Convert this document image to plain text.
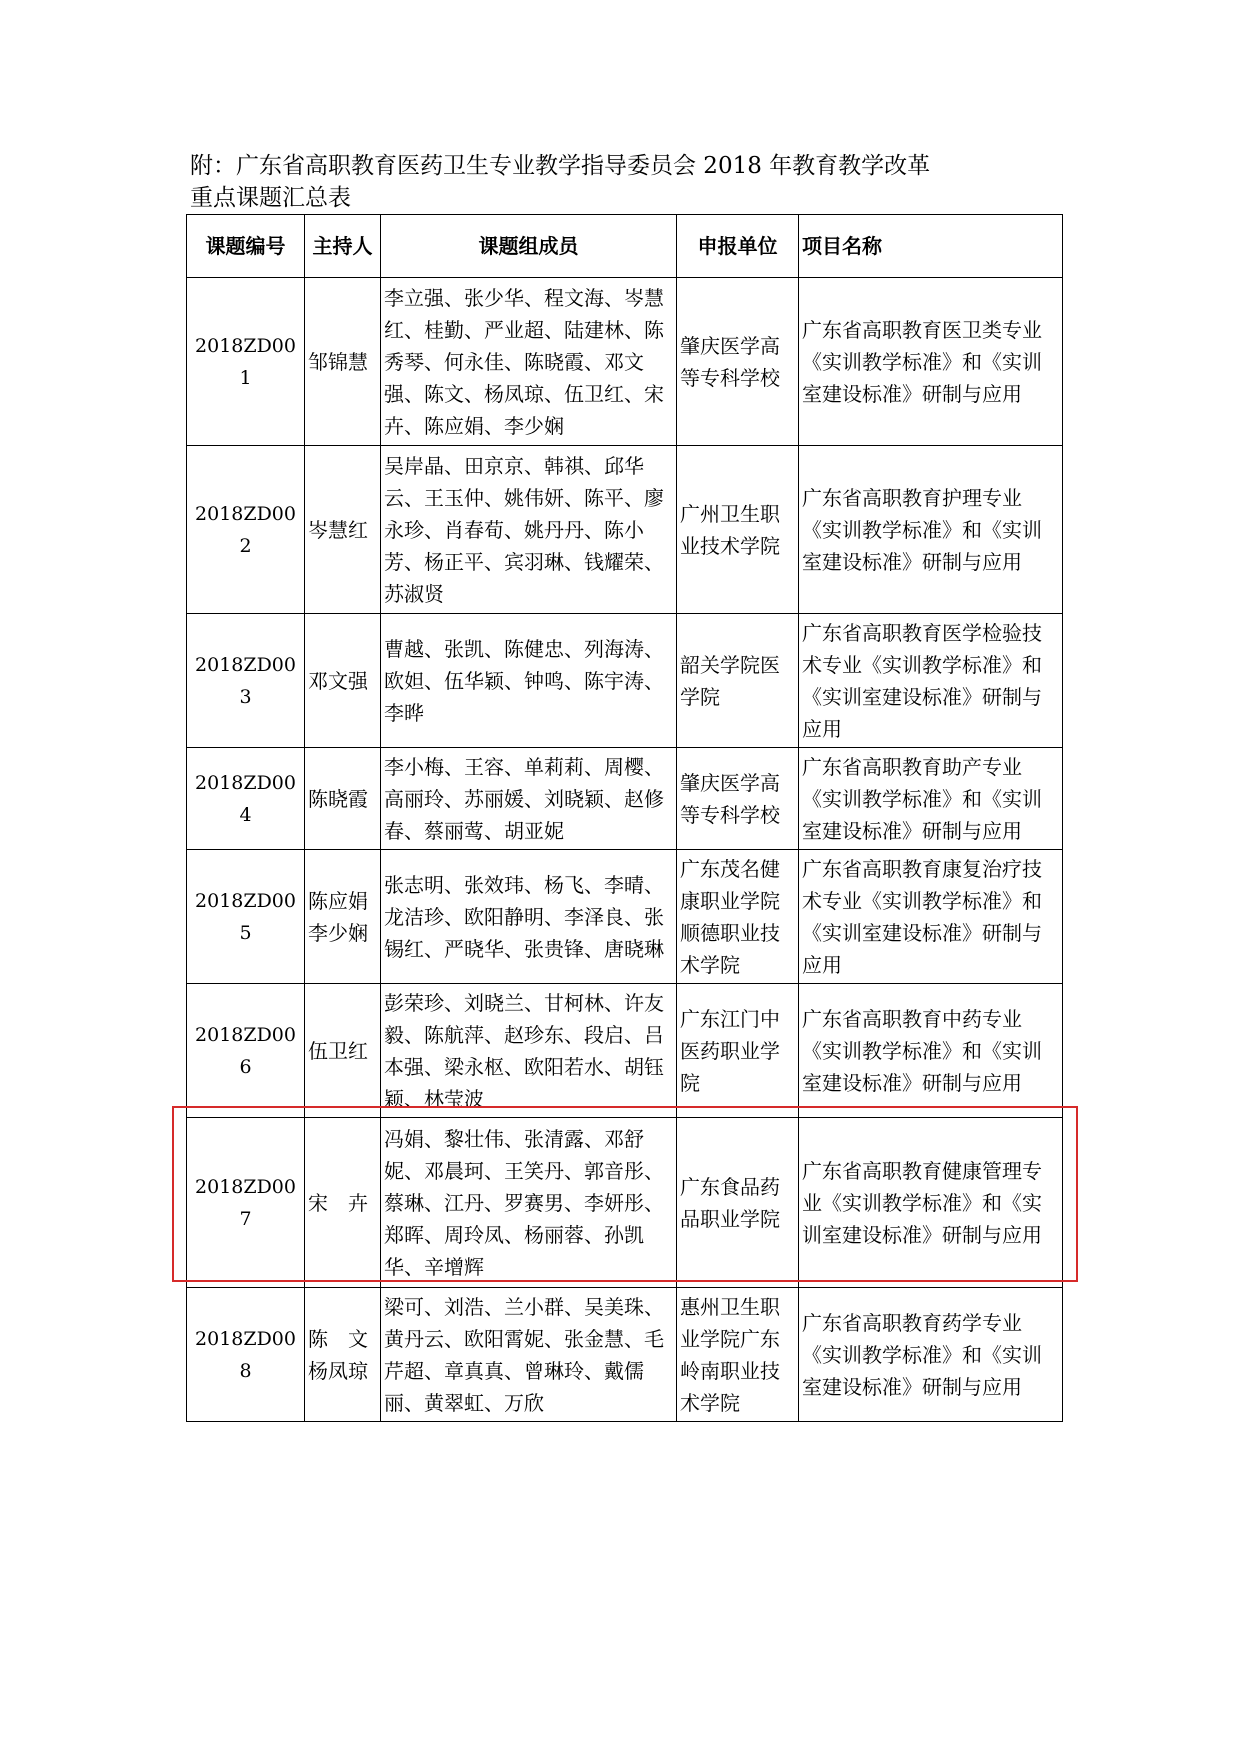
附：广东省高职教育医药卫生专业教学指导委员会 2018 年教育教学改革
重点课题汇总表
课题编号	主持人	课题组成员	申报单位	项目名称
2018ZD001	邹锦慧	李立强、张少华、程文海、岑慧红、桂勤、严业超、陆建林、陈秀琴、何永佳、陈晓霞、邓文强、陈文、杨凤琼、伍卫红、宋卉、陈应娟、李少娴	肇庆医学高等专科学校	广东省高职教育医卫类专业《实训教学标准》和《实训室建设标准》研制与应用
2018ZD002	岑慧红	吴岸晶、田京京、韩祺、邱华云、王玉仲、姚伟妍、陈平、廖永珍、肖春荀、姚丹丹、陈小芳、杨正平、宾羽琳、钱耀荣、苏淑贤	广州卫生职业技术学院	广东省高职教育护理专业《实训教学标准》和《实训室建设标准》研制与应用
2018ZD003	邓文强	曹越、张凯、陈健忠、列海涛、欧妲、伍华颖、钟鸣、陈宇涛、李晔	韶关学院医学院	广东省高职教育医学检验技术专业《实训教学标准》和《实训室建设标准》研制与应用
2018ZD004	陈晓霞	李小梅、王容、单莉莉、周樱、高丽玲、苏丽媛、刘晓颖、赵修春、蔡丽莺、胡亚妮	肇庆医学高等专科学校	广东省高职教育助产专业《实训教学标准》和《实训室建设标准》研制与应用
2018ZD005	陈应娟李少娴	张志明、张效玮、杨飞、李晴、龙洁珍、欧阳静明、李泽良、张锡红、严晓华、张贵锋、唐晓琳	广东茂名健康职业学院顺德职业技术学院	广东省高职教育康复治疗技术专业《实训教学标准》和《实训室建设标准》研制与应用
2018ZD006	伍卫红	彭荣珍、刘晓兰、甘柯林、许友毅、陈航萍、赵珍东、段启、吕本强、梁永枢、欧阳若水、胡钰颖、林莹波	广东江门中医药职业学院	广东省高职教育中药专业《实训教学标准》和《实训室建设标准》研制与应用
2018ZD007	宋　卉	冯娟、黎壮伟、张清露、邓舒妮、邓晨珂、王笑丹、郭音彤、蔡琳、江丹、罗赛男、李妍彤、郑晖、周玲凤、杨丽蓉、孙凯华、辛增辉	广东食品药品职业学院	广东省高职教育健康管理专业《实训教学标准》和《实训室建设标准》研制与应用
2018ZD008	陈　文杨凤琼	梁可、刘浩、兰小群、吴美珠、黄丹云、欧阳霄妮、张金慧、毛芹超、章真真、曾琳玲、戴儒丽、黄翠虹、万欣	惠州卫生职业学院广东岭南职业技术学院	广东省高职教育药学专业《实训教学标准》和《实训室建设标准》研制与应用
